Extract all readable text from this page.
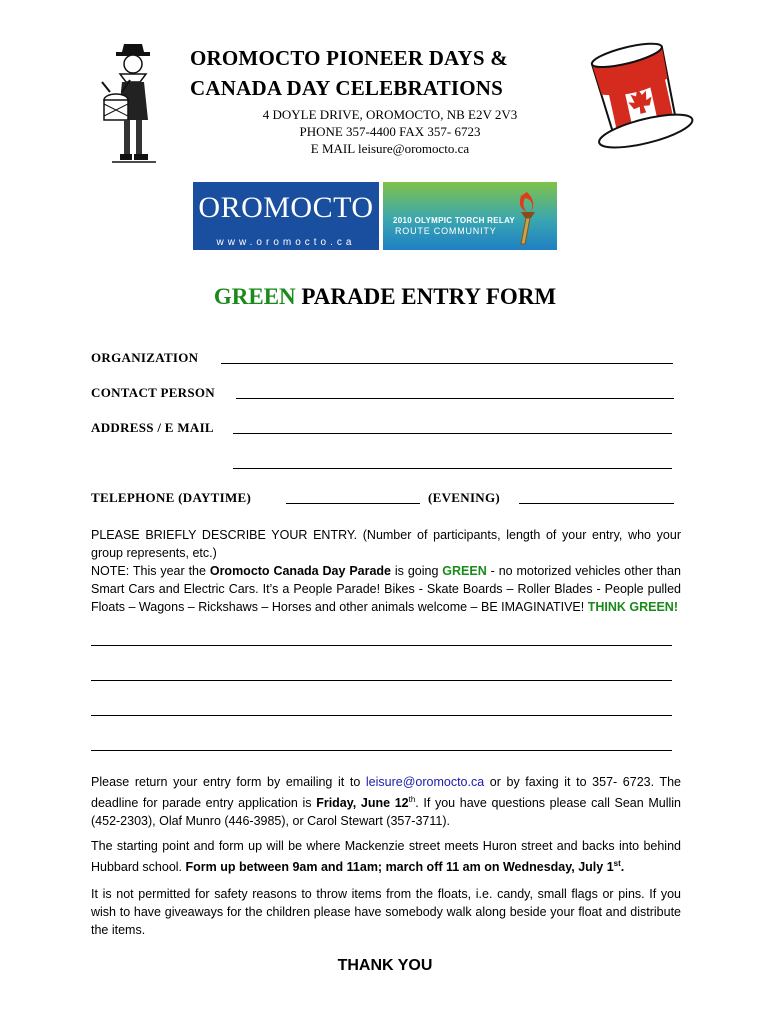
OROMOCTO PIONEER DAYS &
CANADA DAY CELEBRATIONS
4 DOYLE DRIVE, OROMOCTO, NB E2V 2V3
PHONE 357-4400 FAX 357- 6723
E MAIL leisure@oromocto.ca
OROMOCTO
www.oromocto.ca
2010 OLYMPIC TORCH RELAY
ROUTE COMMUNITY
GREEN PARADE ENTRY FORM
ORGANIZATION
CONTACT PERSON
ADDRESS / E MAIL
TELEPHONE (DAYTIME)	(EVENING)
PLEASE BRIEFLY DESCRIBE YOUR ENTRY. (Number of participants, length of your entry, who your group represents, etc.)
NOTE: This year the Oromocto Canada Day Parade is going GREEN - no motorized vehicles other than Smart Cars and Electric Cars. It’s a People Parade! Bikes - Skate Boards – Roller Blades - People pulled Floats – Wagons – Rickshaws – Horses and other animals welcome – BE IMAGINATIVE! THINK GREEN!
Please return your entry form by emailing it to leisure@oromocto.ca or by faxing it to 357- 6723. The deadline for parade entry application is Friday, June 12th. If you have questions please call Sean Mullin (452-2303), Olaf Munro (446-3985), or Carol Stewart (357-3711).
The starting point and form up will be where Mackenzie street meets Huron street and backs into behind Hubbard school. Form up between 9am and 11am; march off 11 am on Wednesday, July 1st.
It is not permitted for safety reasons to throw items from the floats, i.e. candy, small flags or pins. If you wish to have giveaways for the children please have somebody walk along beside your float and distribute the items.
THANK YOU
